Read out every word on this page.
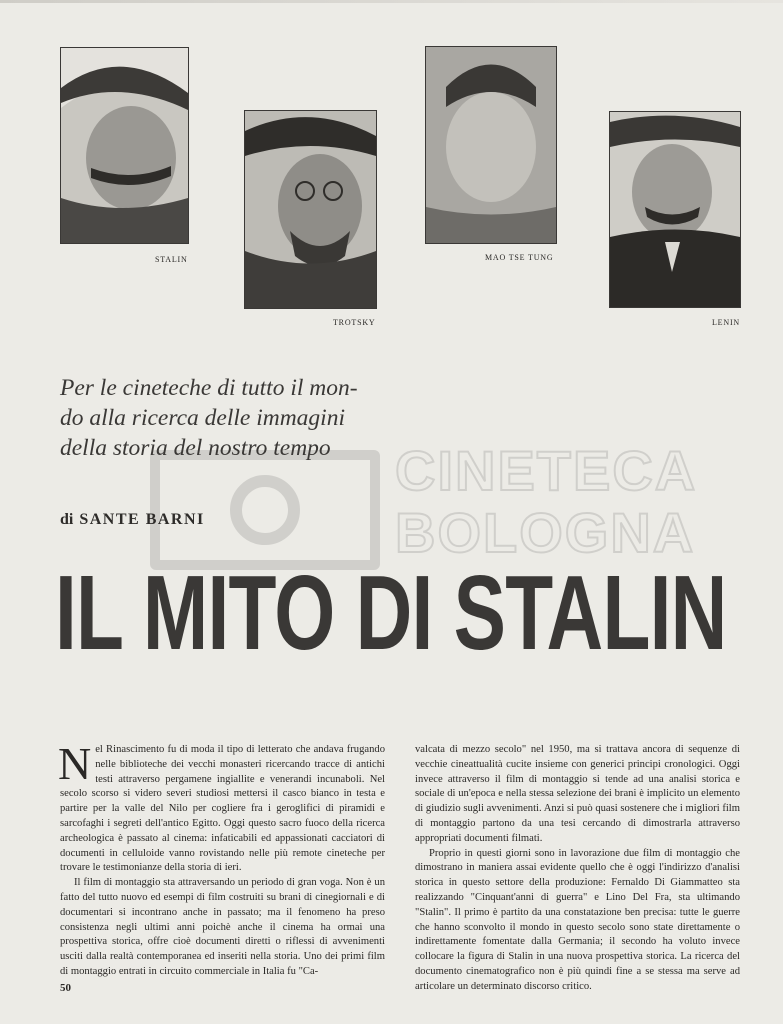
STALIN
TROTSKY
MAO TSE TUNG
LENIN
CINETECA
BOLOGNA
Per le cineteche di tutto il mon-
do alla ricerca delle immagini
della storia del nostro tempo
di SANTE BARNI
IL MITO DI STALIN

Nel Rinascimento fu di moda il tipo di letterato che andava frugando nelle biblioteche dei vecchi monasteri ricercando tracce di antichi testi attraverso pergamene ingiallite e venerandi incunaboli. Nel secolo scorso si videro severi studiosi mettersi il casco bianco in testa e partire per la valle del Nilo per cogliere fra i geroglifici di piramidi e sarcofaghi i segreti dell'antico Egitto. Oggi questo sacro fuoco della ricerca archeologica è passato al cinema: infaticabili ed appassionati cacciatori di documenti in celluloide vanno rovistando nelle più remote cineteche per trovare le testimonianze della storia di ieri.

Il film di montaggio sta attraversando un periodo di gran voga. Non è un fatto del tutto nuovo ed esempi di film costruiti su brani di cinegiornali e di documentari si incontrano anche in passato; ma il fenomeno ha preso consistenza negli ultimi anni poichè anche il cinema ha ormai una prospettiva storica, offre cioè documenti diretti o riflessi di avvenimenti usciti dalla realtà contemporanea ed inseriti nella storia. Uno dei primi film di montaggio entrati in circuito commerciale in Italia fu "Ca-

valcata di mezzo secolo" nel 1950, ma si trattava ancora di sequenze di vecchie cineattualità cucite insieme con generici principi cronologici. Oggi invece attraverso il film di montaggio si tende ad una analisi storica e sociale di un'epoca e nella stessa selezione dei brani è implicito un elemento di giudizio sugli avvenimenti. Anzi si può quasi sostenere che i migliori film di montaggio partono da una tesi cercando di dimostrarla attraverso appropriati documenti filmati.

Proprio in questi giorni sono in lavorazione due film di montaggio che dimostrano in maniera assai evidente quello che è oggi l'indirizzo d'analisi storica in questo settore della produzione: Fernaldo Di Giammatteo sta realizzando "Cinquant'anni di guerra" e Lino Del Fra, sta ultimando "Stalin". Il primo è partito da una constatazione ben precisa: tutte le guerre che hanno sconvolto il mondo in questo secolo sono state direttamente o indirettamente fomentate dalla Germania; il secondo ha voluto invece collocare la figura di Stalin in una nuova prospettiva storica. La ricerca del documento cinematografico non è più quindi fine a se stessa ma serve ad articolare un determinato discorso critico.

50
